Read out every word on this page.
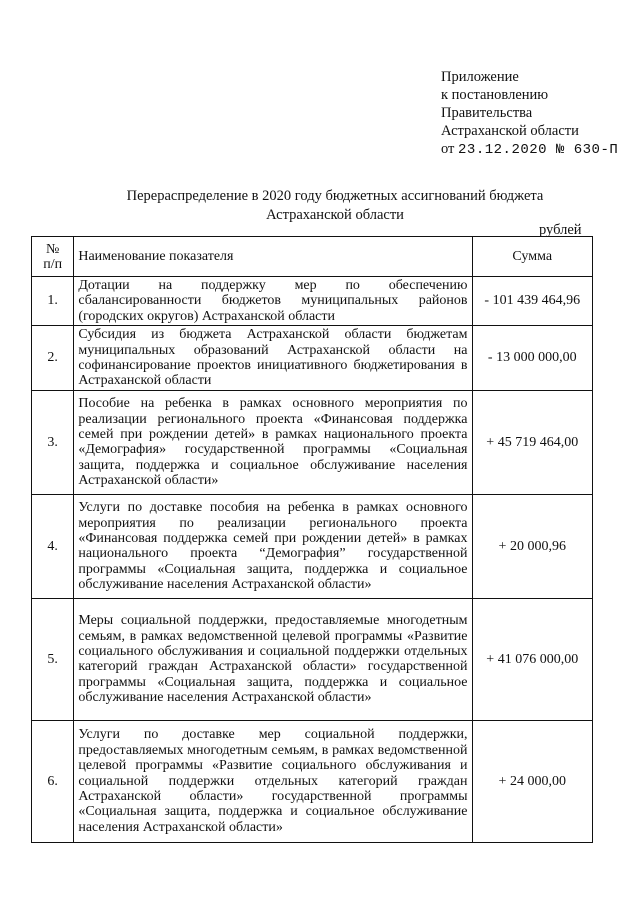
Приложение
к постановлению
Правительства
Астраханской области
от 23.12.2020 № 630-П
Перераспределение в 2020 году бюджетных ассигнований бюджета
Астраханской области
рублей
№
п/п	Наименование показателя	Сумма
1.	Дотации на поддержку мер по обеспечению сбалансированности бюджетов муниципальных районов (городских округов) Астраханской области	- 101 439 464,96
2.	Субсидия из бюджета Астраханской области бюджетам муниципальных образований Астраханской области на софинансирование проектов инициативного бюджетирования в Астраханской области	- 13 000 000,00
3.	Пособие на ребенка в рамках основного мероприятия по реализации регионального проекта «Финансовая поддержка семей при рождении детей» в рамках национального проекта «Демография» государственной программы «Социальная защита, поддержка и социальное обслуживание населения Астраханской области»	+ 45 719 464,00
4.	Услуги по доставке пособия на ребенка в рамках основного мероприятия по реализации регионального проекта «Финансовая поддержка семей при рождении детей» в рамках национального проекта “Демография” государственной программы «Социальная защита, поддержка и социальное обслуживание населения Астраханской области»	+ 20 000,96
5.	Меры социальной поддержки, предоставляемые многодетным семьям, в рамках ведомственной целевой программы «Развитие социального обслуживания и социальной поддержки отдельных категорий граждан Астраханской области» государственной программы «Социальная защита, поддержка и социальное обслуживание населения Астраханской области»	+ 41 076 000,00
6.	Услуги по доставке мер социальной поддержки, предоставляемых многодетным семьям, в рамках ведомственной целевой программы «Развитие социального обслуживания и социальной поддержки отдельных категорий граждан Астраханской области» государственной программы «Социальная защита, поддержка и социальное обслуживание населения Астраханской области»	+ 24 000,00
